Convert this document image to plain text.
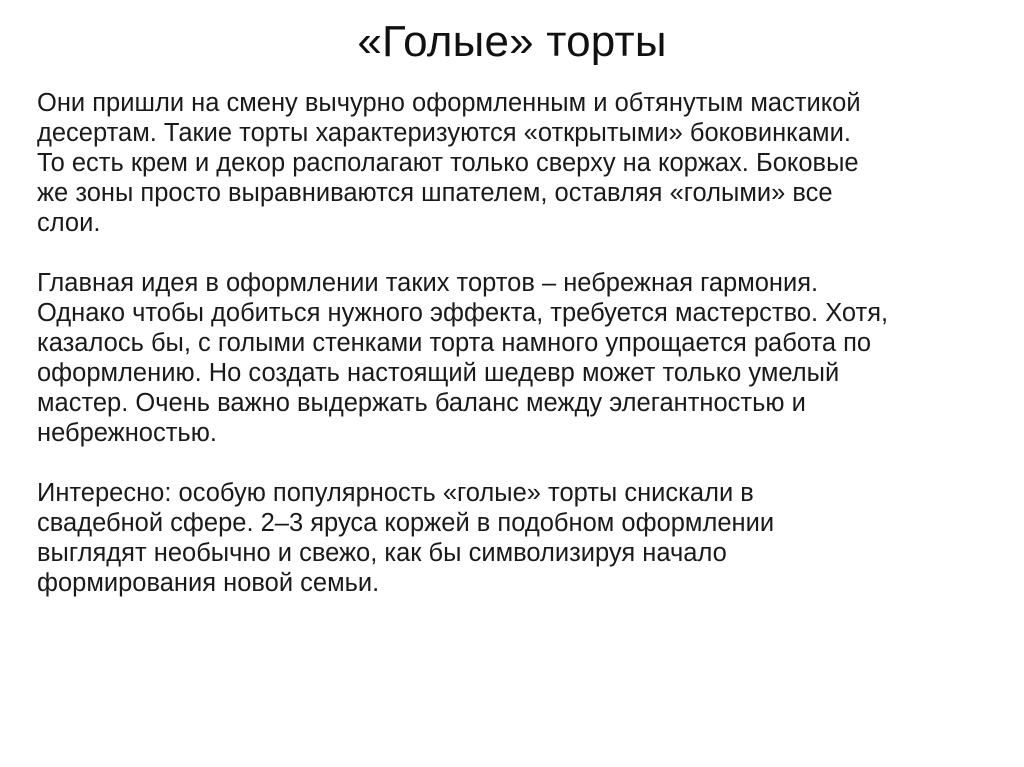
«Голые» торты

Они пришли на смену вычурно оформленным и обтянутым мастикой
десертам. Такие торты характеризуются «открытыми» боковинками.
То есть крем и декор располагают только сверху на коржах. Боковые
же зоны просто выравниваются шпателем, оставляя «голыми» все
слои.

Главная идея в оформлении таких тортов – небрежная гармония.
Однако чтобы добиться нужного эффекта, требуется мастерство. Хотя,
казалось бы, с голыми стенками торта намного упрощается работа по
оформлению. Но создать настоящий шедевр может только умелый
мастер. Очень важно выдержать баланс между элегантностью и
небрежностью.

Интересно: особую популярность «голые» торты снискали в
свадебной сфере. 2–3 яруса коржей в подобном оформлении
выглядят необычно и свежо, как бы символизируя начало
формирования новой семьи.
